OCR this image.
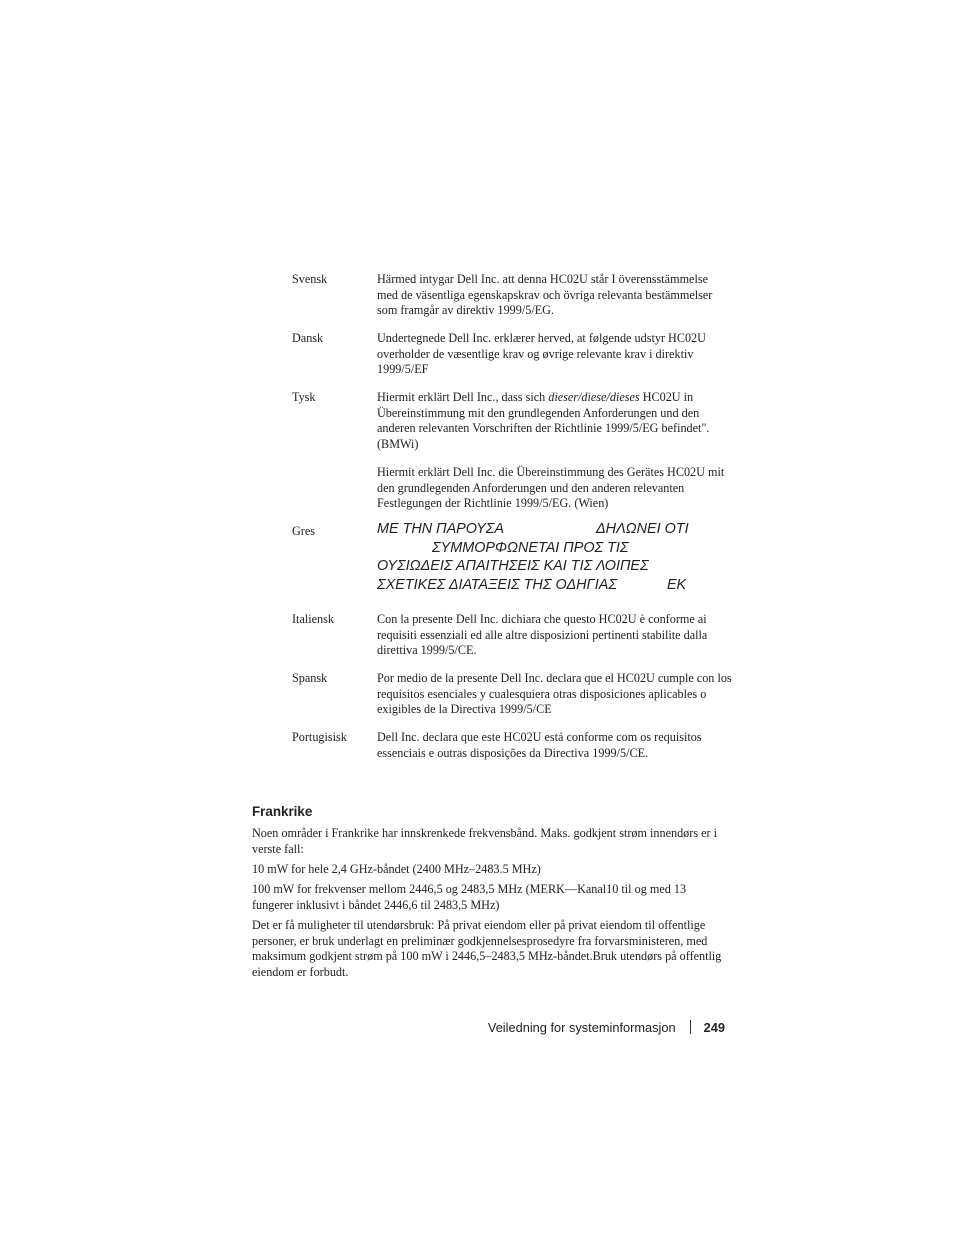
Svensk	Härmed intygar Dell Inc. att denna HC02U står I överensstämmelse med de väsentliga egenskapskrav och övriga relevanta bestämmelser som framgår av direktiv 1999/5/EG.
Dansk	Undertegnede Dell Inc. erklærer herved, at følgende udstyr HC02U overholder de væsentlige krav og øvrige relevante krav i direktiv 1999/5/EF
Tysk	Hiermit erklärt Dell Inc., dass sich dieser/diese/dieses HC02U in Übereinstimmung mit den grundlegenden Anforderungen und den anderen relevanten Vorschriften der Richtlinie 1999/5/EG befindet". (BMWi)
Hiermit erklärt Dell Inc. die Übereinstimmung des Gerätes HC02U mit den grundlegenden Anforderungen und den anderen relevanten Festlegungen der Richtlinie 1999/5/EG. (Wien)
Gres	ΜΕ ΤΗΝ ΠΑΡΟΥΣΑ	ΔΗΛΩΝΕΙ ΟΤΙ
ΣΥΜΜΟΡΦΩΝΕΤΑΙ ΠΡΟΣ ΤΙΣ
ΟΥΣΙΩΔΕΙΣ ΑΠΑΙΤΗΣΕΙΣ ΚΑΙ ΤΙΣ ΛΟΙΠΕΣ
ΣΧΕΤΙΚΕΣ ΔΙΑΤΑΞΕΙΣ ΤΗΣ ΟΔΗΓΙΑΣ	ΕΚ
Italiensk	Con la presente Dell Inc. dichiara che questo HC02U è conforme ai requisiti essenziali ed alle altre disposizioni pertinenti stabilite dalla direttiva 1999/5/CE.
Spansk	Por medio de la presente Dell Inc. declara que el HC02U cumple con los requisitos esenciales y cualesquiera otras disposiciones aplicables o exigibles de la Directiva 1999/5/CE
Portugisisk	Dell Inc. declara que este HC02U está conforme com os requisitos essenciais e outras disposições da Directiva 1999/5/CE.
Frankrike

Noen områder i Frankrike har innskrenkede frekvensbånd. Maks. godkjent strøm innendørs er i verste fall:

10 mW for hele 2,4 GHz-båndet (2400 MHz–2483.5 MHz)

100 mW for frekvenser mellom 2446,5 og 2483,5 MHz (MERK—Kanal10 til og med 13 fungerer inklusivt i båndet 2446,6 til 2483,5 MHz)

Det er få muligheter til utendørsbruk: På privat eiendom eller på privat eiendom til offentlige personer, er bruk underlagt en preliminær godkjennelsesprosedyre fra forvarsministeren, med maksimum godkjent strøm på 100 mW i 2446,5–2483,5 MHz-båndet.Bruk utendørs på offentlig eiendom er forbudt.

Veiledning for systeminformasjon 249
